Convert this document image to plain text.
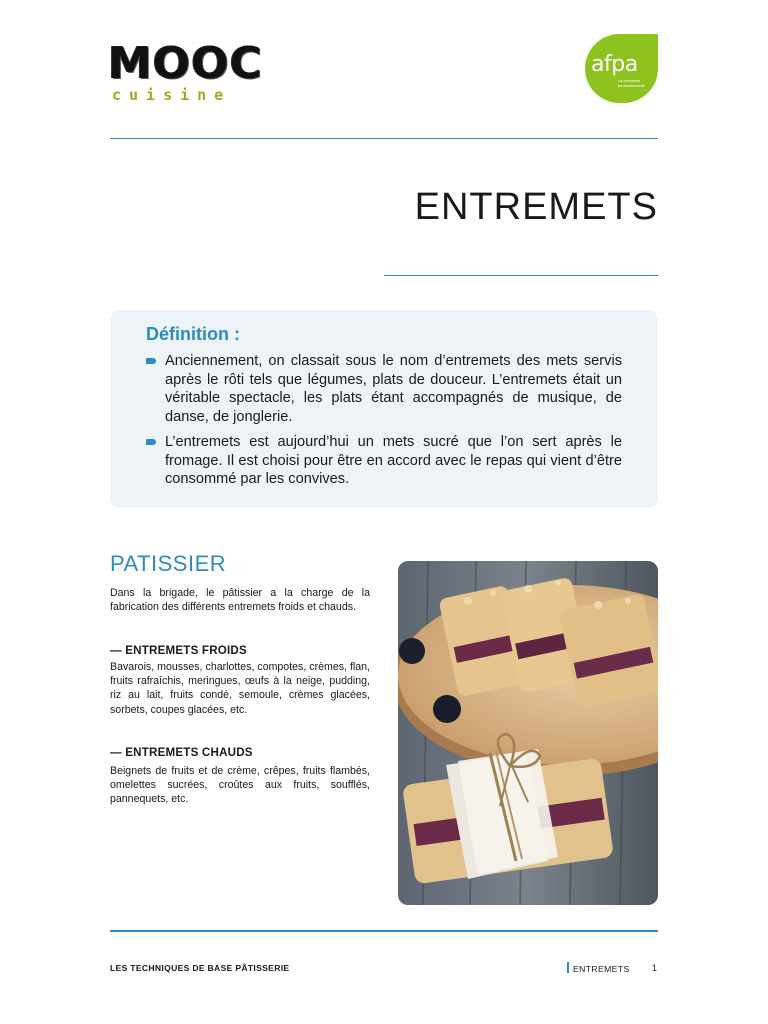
MOOC
cuisine
afpa
La formation professionnelle
ENTREMETS
Définition :

Anciennement, on classait sous le nom d’entremets des mets servis après le rôti tels que légumes, plats de douceur. L’entremets était un véritable spectacle, les plats étant accompagnés de musique, de danse, de jonglerie.

L’entremets est aujourd’hui un mets sucré que l’on sert après le fromage. Il est choisi pour être en accord avec le repas qui vient d’être consommé par les convives.

PATISSIER

Dans la brigade, le pâtissier a la charge de la fabrication des différents entremets froids et chauds.

— ENTREMETS FROIDS

Bavarois, mousses, charlottes, compotes, crèmes, flan, fruits rafraîchis, meringues, œufs à la neige, pudding, riz au lait, fruits condé, semoule, crèmes glacées, sorbets, coupes glacées, etc.

— ENTREMETS CHAUDS

Beignets de fruits et de crème, crêpes, fruits flambés, omelettes sucrées, croûtes aux fruits, soufflés, pannequets, etc.

LES TECHNIQUES DE BASE PÂTISSERIE	ENTREMETS 1
